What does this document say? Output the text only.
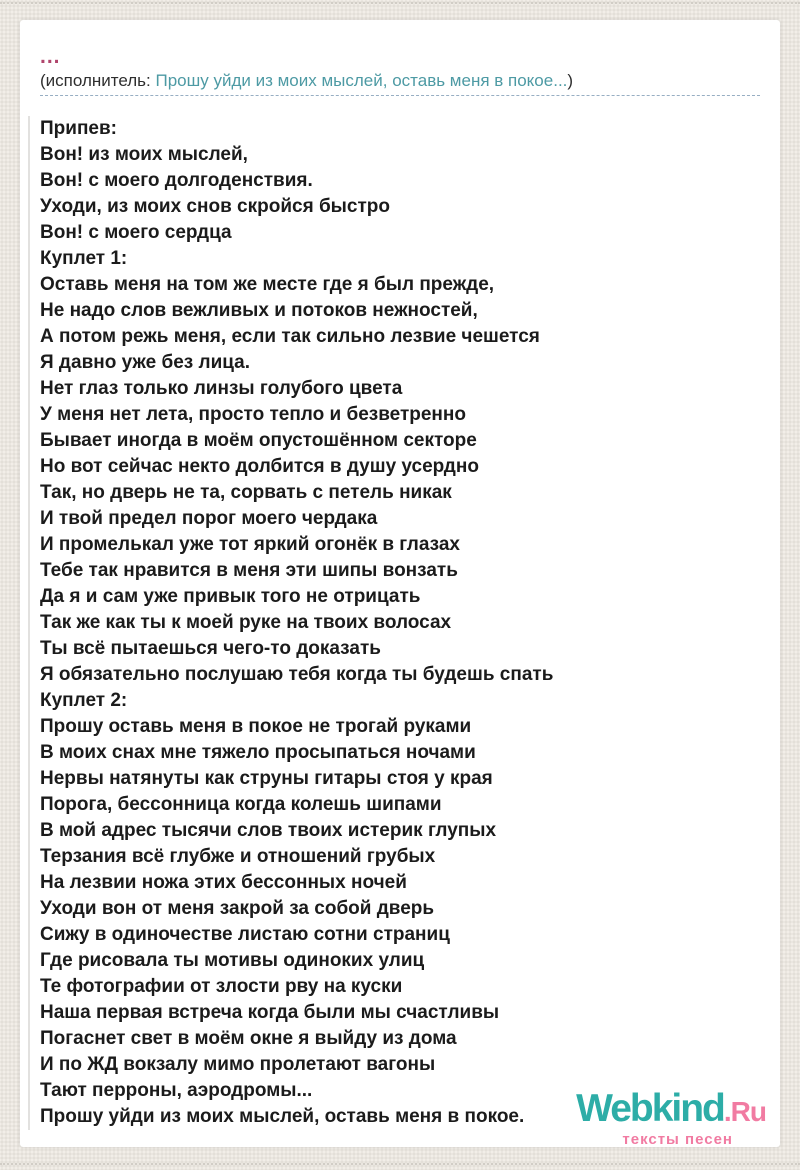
...
(исполнитель: Прошу уйди из моих мыслей, оставь меня в покое...)
Припев:
Вон! из моих мыслей,
Вон! с моего долгоденствия.
Уходи, из моих снов скройся быстро
Вон! с моего сердца
Куплет 1:
Оставь меня на том же месте где я был прежде,
Не надо слов вежливых и потоков нежностей,
А потом режь меня, если так сильно лезвие чешется
Я давно уже без лица.
Нет глаз только линзы голубого цвета
У меня нет лета, просто тепло и безветренно
Бывает иногда в моём опустошённом секторе
Но вот сейчас некто долбится в душу усердно
Так, но дверь не та, сорвать с петель никак
И твой предел порог моего чердака
И промелькал уже тот яркий огонёк в глазах
Тебе так нравится в меня эти шипы вонзать
Да я и сам уже привык того не отрицать
Так же как ты к моей руке на твоих волосах
Ты всё пытаешься чего-то доказать
Я обязательно послушаю тебя когда ты будешь спать
Куплет 2:
Прошу оставь меня в покое не трогай руками
В моих снах мне тяжело просыпаться ночами
Нервы натянуты как струны гитары стоя у края
Порога, бессонница когда колешь шипами
В мой адрес тысячи слов твоих истерик глупых
Терзания всё глубже и отношений грубых
На лезвии ножа этих бессонных ночей
Уходи вон от меня закрой за собой дверь
Сижу в одиночестве листаю сотни страниц
Где рисовала ты мотивы одиноких улиц
Те фотографии от злости рву на куски
Наша первая встреча когда были мы счастливы
Погаснет свет в моём окне я выйду из дома
И по ЖД вокзалу мимо пролетают вагоны
Тают перроны, аэродромы...
Прошу уйди из моих мыслей, оставь меня в покое.	Webkind.Ru
тексты песен
